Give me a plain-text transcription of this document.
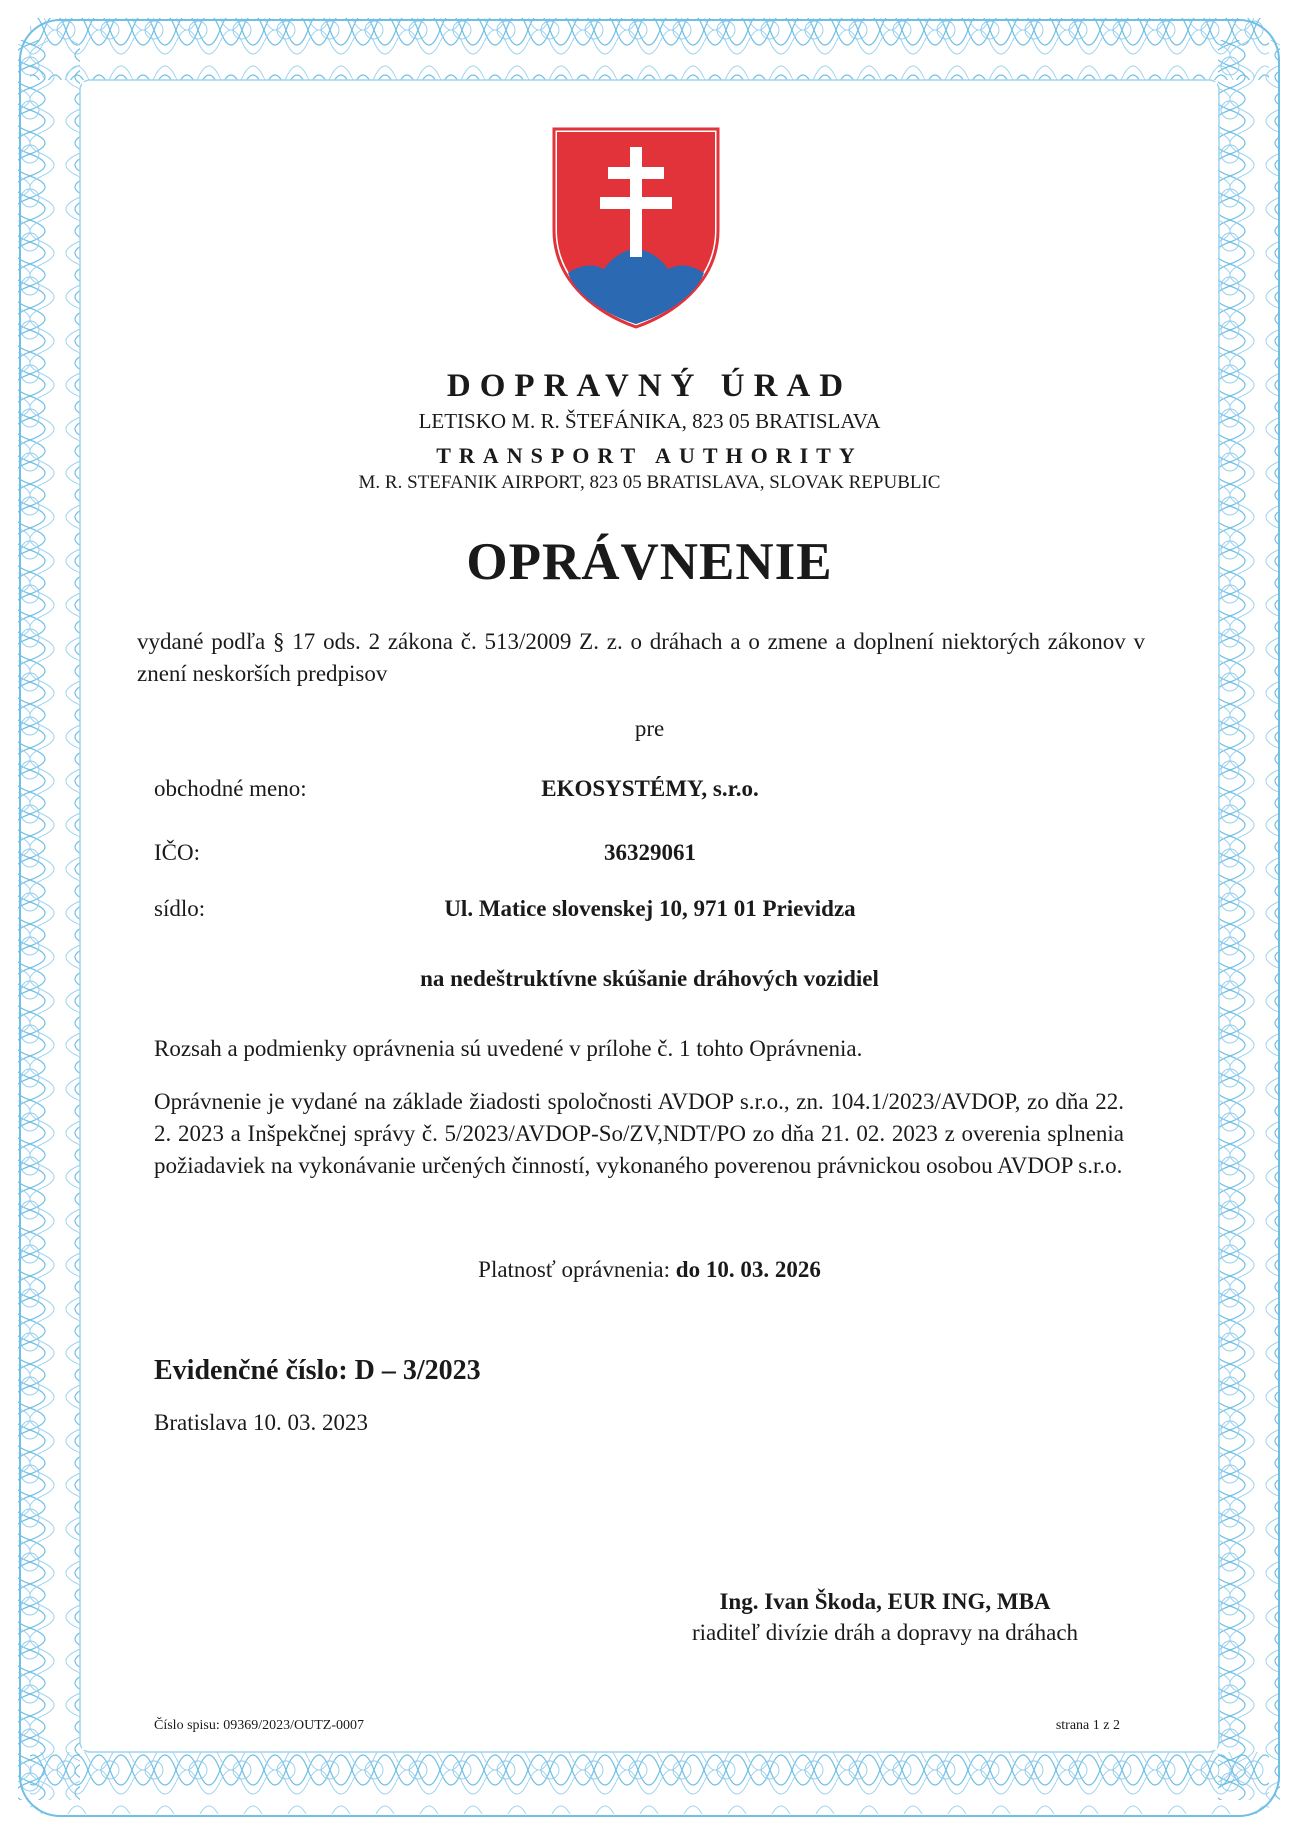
DOPRAVNÝ ÚRAD
LETISKO M. R. ŠTEFÁNIKA, 823 05 BRATISLAVA
TRANSPORT AUTHORITY
M. R. STEFANIK AIRPORT, 823 05 BRATISLAVA, SLOVAK REPUBLIC
OPRÁVNENIE
vydané podľa § 17 ods. 2 zákona č. 513/2009 Z. z. o dráhach a o zmene a doplnení niektorých zákonov v znení neskorších predpisov
pre
obchodné meno:	EKOSYSTÉMY, s.r.o.
IČO:	36329061
sídlo:	Ul. Matice slovenskej 10, 971 01 Prievidza
na nedeštruktívne skúšanie dráhových vozidiel
Rozsah a podmienky oprávnenia sú uvedené v prílohe č. 1 tohto Oprávnenia.
Oprávnenie je vydané na základe žiadosti spoločnosti AVDOP s.r.o., zn. 104.1/2023/AVDOP, zo dňa 22. 2. 2023 a Inšpekčnej správy č. 5/2023/AVDOP-So/ZV,NDT/PO zo dňa 21. 02. 2023 z overenia splnenia požiadaviek na vykonávanie určených činností, vykonaného poverenou právnickou osobou AVDOP s.r.o.
Platnosť oprávnenia: do 10. 03. 2026
Evidenčné číslo: D – 3/2023
Bratislava 10. 03. 2023
Ing. Ivan Škoda, EUR ING, MBA
riaditeľ divízie dráh a dopravy na dráhach
Číslo spisu: 09369/2023/OUTZ-0007	strana 1 z 2
